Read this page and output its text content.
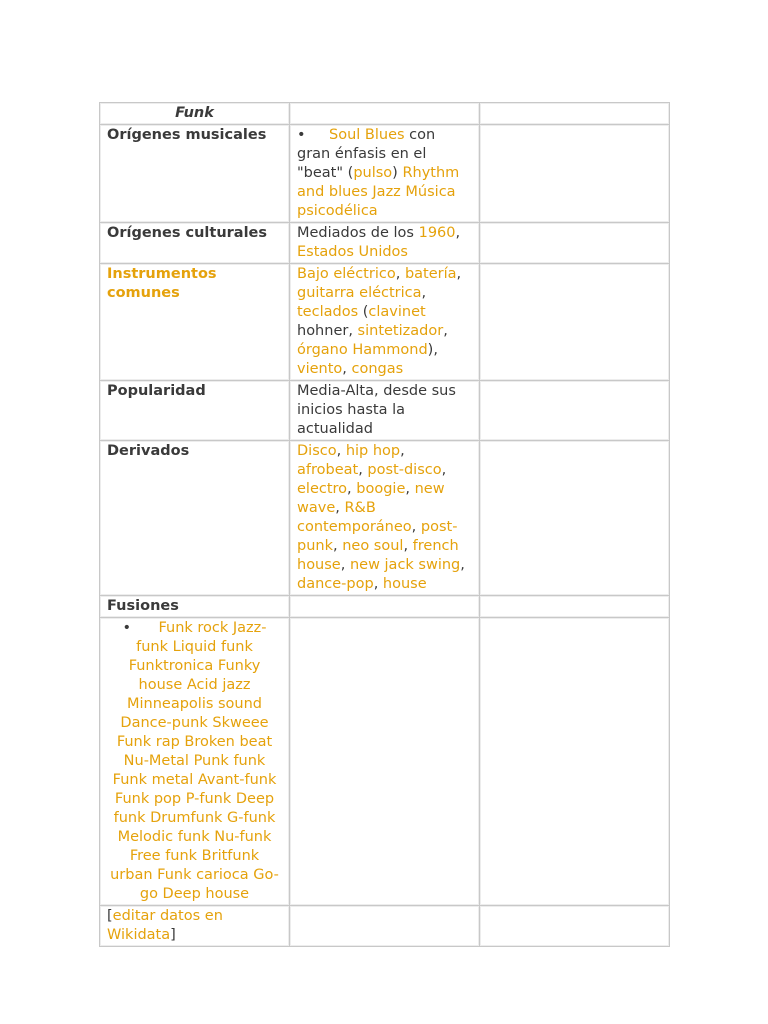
Funk		
Orígenes musicales	• Soul Blues con gran énfasis en el "beat" (pulso) Rhythm and blues Jazz Música psicodélica	
Orígenes culturales	Mediados de los 1960, Estados Unidos	
Instrumentos comunes	Bajo eléctrico, batería, guitarra eléctrica, teclados (clavinet hohner, sintetizador, órgano Hammond), viento, congas	
Popularidad	Media-Alta, desde sus inicios hasta la actualidad	
Derivados	Disco, hip hop, afrobeat, post-disco, electro, boogie, new wave, R&B contemporáneo, post-punk, neo soul, french house, new jack swing, dance-pop, house	
Fusiones		
• Funk rock Jazz-funk Liquid funk Funktronica Funky house Acid jazz Minneapolis sound Dance-punk Skweee Funk rap Broken beat Nu-Metal Punk funk Funk metal Avant-funk Funk pop P-funk Deep funk Drumfunk G-funk Melodic funk Nu-funk Free funk Britfunk urban Funk carioca Go-go Deep house		
[editar datos en Wikidata]		
